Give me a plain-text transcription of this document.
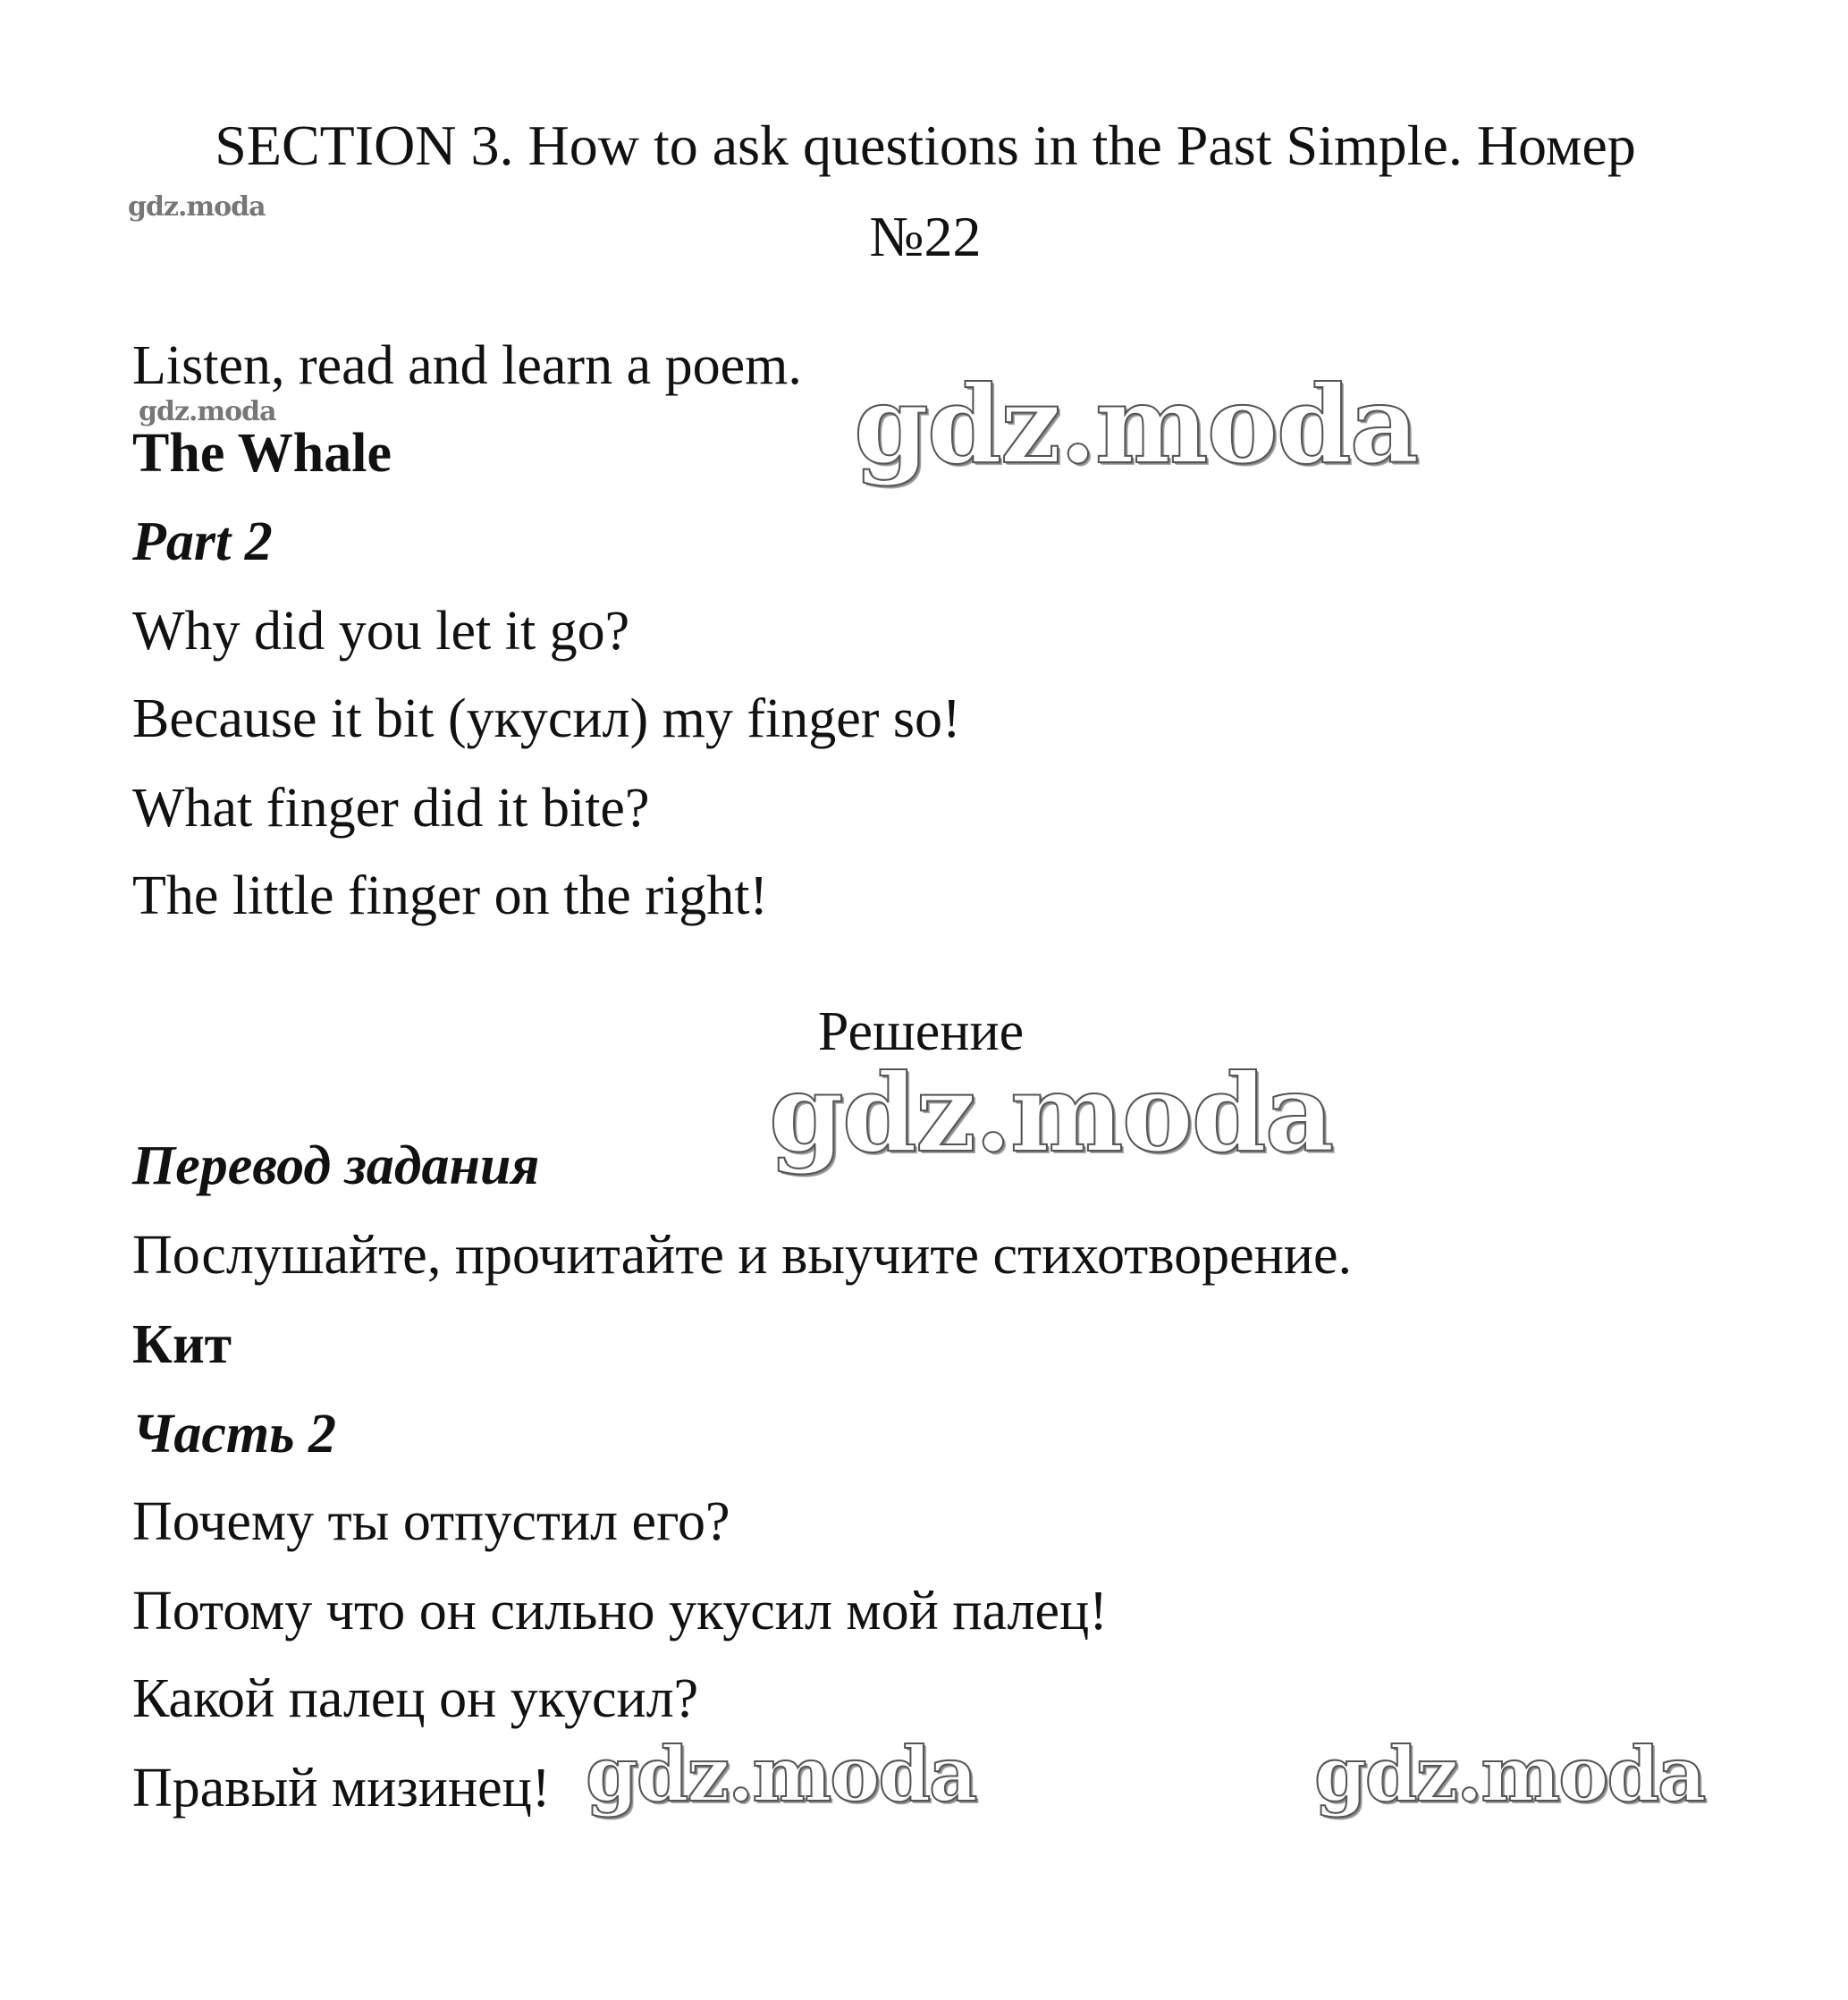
SECTION 3. How to ask questions in the Past Simple. Номер
№22
gdz.moda
gdz.moda
Listen, read and learn a poem.
The Whale
Part 2
Why did you let it go?
Because it bit (укусил) my finger so!
What finger did it bite?
The little finger on the right!
gdz.moda
Решение
gdz.moda
Перевод задания
Послушайте, прочитайте и выучите стихотворение.
Кит
Часть 2
Почему ты отпустил его?
Потому что он сильно укусил мой палец!
Какой палец он укусил?
Правый мизинец! gdz.moda	gdz.moda
